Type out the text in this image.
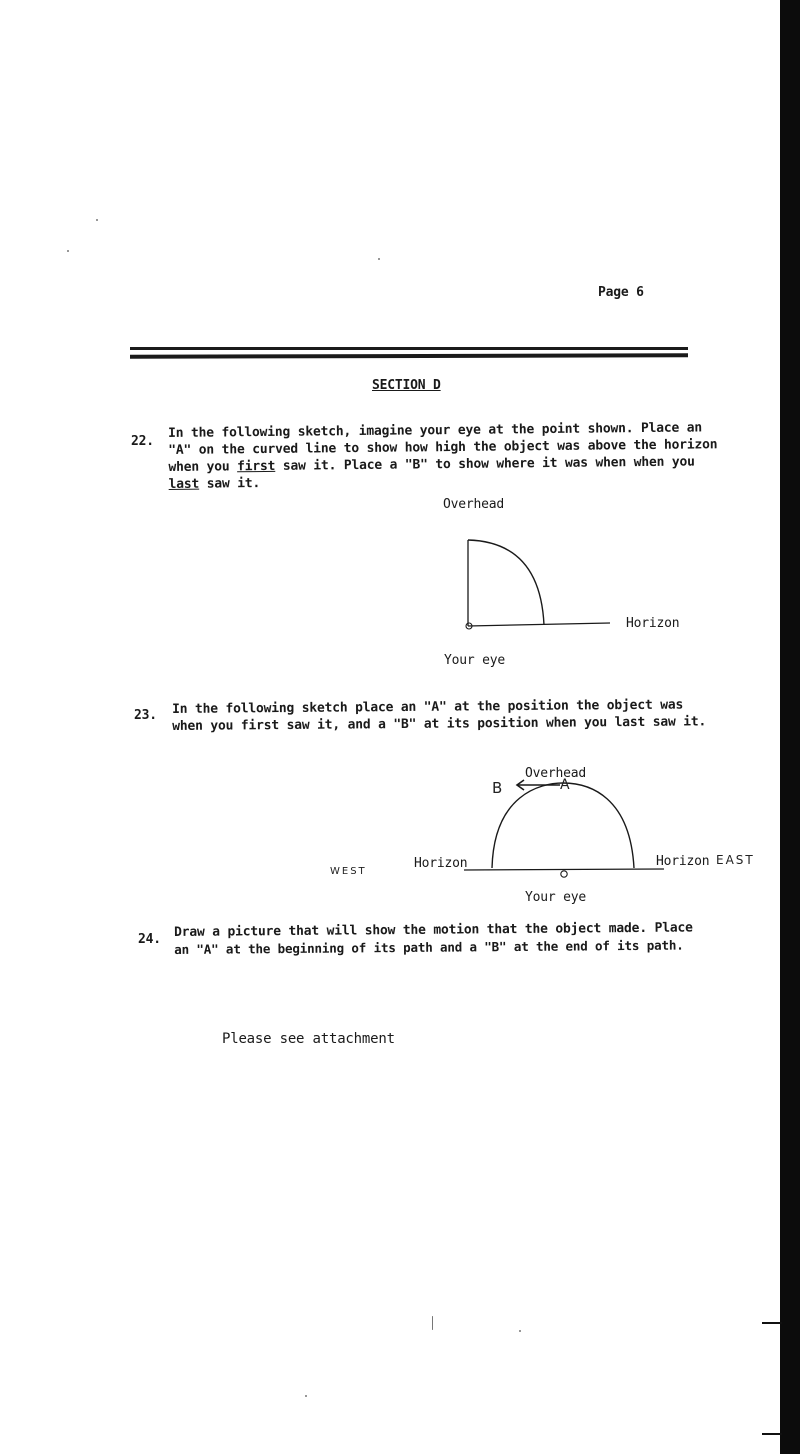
Page 6
SECTION D
22.
In the following sketch, imagine your eye at the point shown. Place an
"A" on the curved line to show how high the object was above the horizon
when you first saw it. Place a "B" to show where it was when when you
last saw it.
Overhead
Horizon
Your eye
23. In the following sketch place an "A" at the position the object was
when you first saw it, and a "B" at its position when you last saw it.
Overhead
B	A
Horizon	Horizon EAST
WEST
Your eye
24. Draw a picture that will show the motion that the object made. Place
an "A" at the beginning of its path and a "B" at the end of its path.
Please see attachment
